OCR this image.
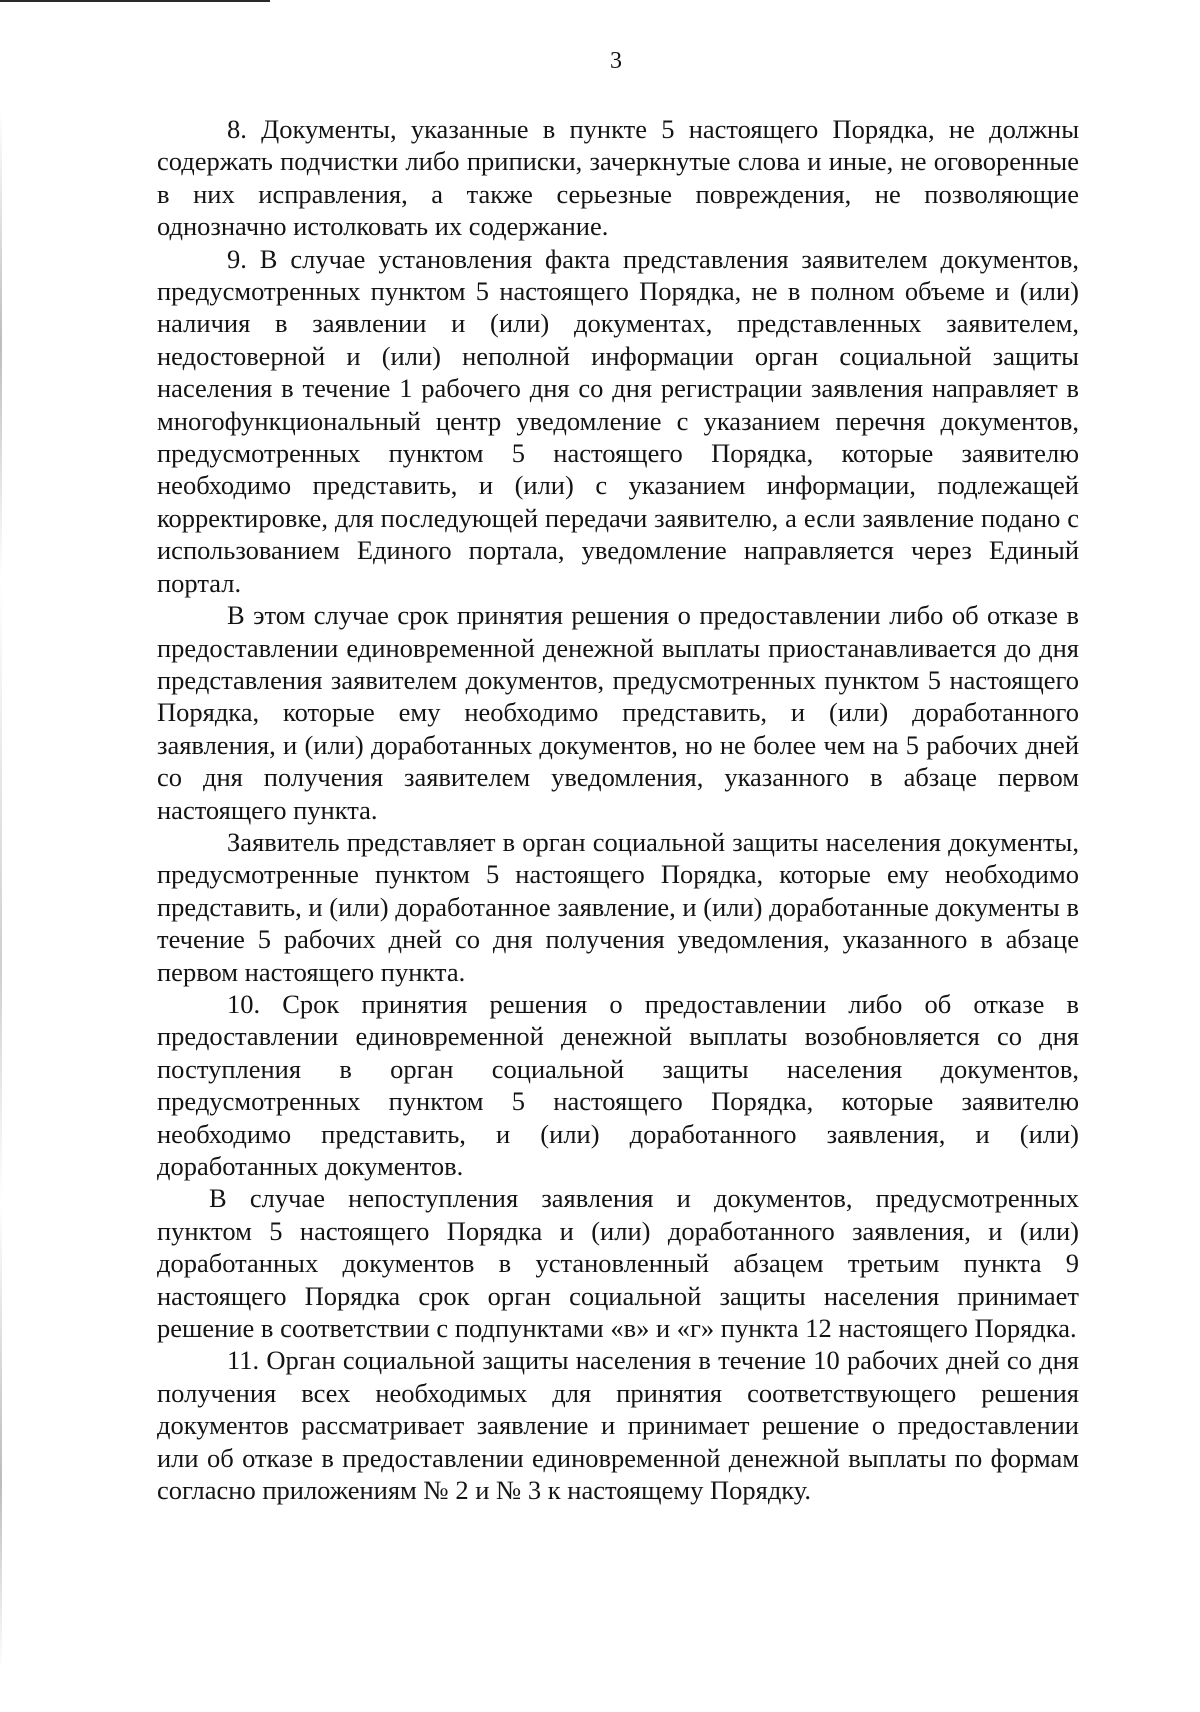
3

8. Документы, указанные в пункте 5 настоящего Порядка, не должны содержать подчистки либо приписки, зачеркнутые слова и иные, не оговоренные в них исправления, а также серьезные повреждения, не позволяющие однозначно истолковать их содержание.

9. В случае установления факта представления заявителем документов, предусмотренных пунктом 5 настоящего Порядка, не в полном объеме и (или) наличия в заявлении и (или) документах, представленных заявителем, недостоверной и (или) неполной информации орган социальной защиты населения в течение 1 рабочего дня со дня регистрации заявления направляет в многофункциональный центр уведомление с указанием перечня документов, предусмотренных пунктом 5 настоящего Порядка, которые заявителю необходимо представить, и (или) с указанием информации, подлежащей корректировке, для последующей передачи заявителю, а если заявление подано с использованием Единого портала, уведомление направляется через Единый портал.

В этом случае срок принятия решения о предоставлении либо об отказе в предоставлении единовременной денежной выплаты приостанавливается до дня представления заявителем документов, предусмотренных пунктом 5 настоящего Порядка, которые ему необходимо представить, и (или) доработанного заявления, и (или) доработанных документов, но не более чем на 5 рабочих дней со дня получения заявителем уведомления, указанного в абзаце первом настоящего пункта.

Заявитель представляет в орган социальной защиты населения документы, предусмотренные пунктом 5 настоящего Порядка, которые ему необходимо представить, и (или) доработанное заявление, и (или) доработанные документы в течение 5 рабочих дней со дня получения уведомления, указанного в абзаце первом настоящего пункта.

10. Срок принятия решения о предоставлении либо об отказе в предоставлении единовременной денежной выплаты возобновляется со дня поступления в орган социальной защиты населения документов, предусмотренных пунктом 5 настоящего Порядка, которые заявителю необходимо представить, и (или) доработанного заявления, и (или) доработанных документов.

В случае непоступления заявления и документов, предусмотренных пунктом 5 настоящего Порядка и (или) доработанного заявления, и (или) доработанных документов в установленный абзацем третьим пункта 9 настоящего Порядка срок орган социальной защиты населения принимает решение в соответствии с подпунктами «в» и «г» пункта 12 настоящего Порядка.

11. Орган социальной защиты населения в течение 10 рабочих дней со дня получения всех необходимых для принятия соответствующего решения документов рассматривает заявление и принимает решение о предоставлении или об отказе в предоставлении единовременной денежной выплаты по формам согласно приложениям № 2 и № 3 к настоящему Порядку.
